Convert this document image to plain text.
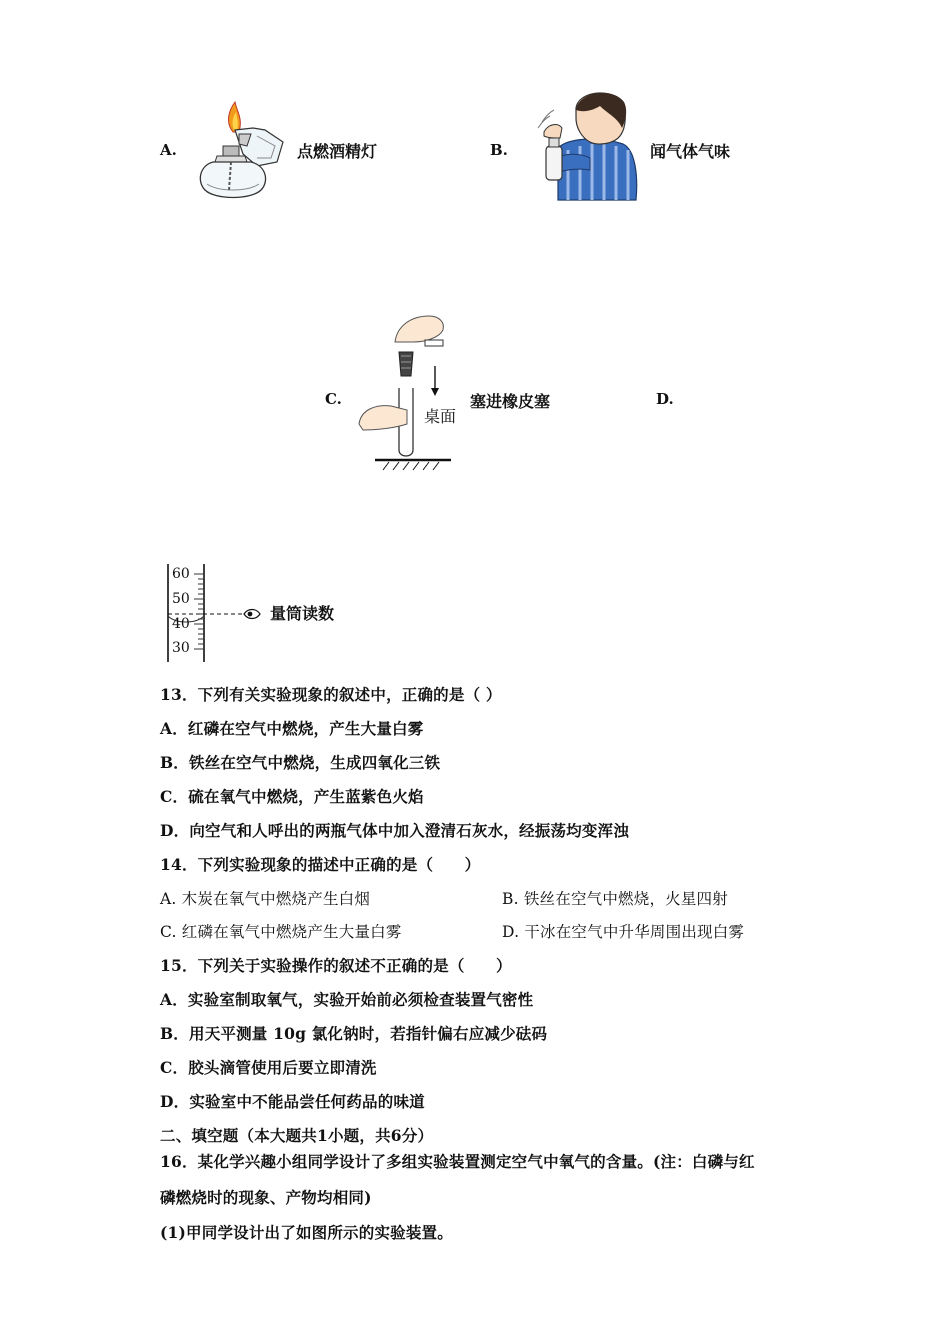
A.	点燃酒精灯	B.	闻气体气味
C.
桌面
塞进橡皮塞	D.
60
50
40
30
量筒读数
13．下列有关实验现象的叙述中，正确的是（ ）
A．红磷在空气中燃烧，产生大量白雾
B．铁丝在空气中燃烧，生成四氧化三铁
C．硫在氧气中燃烧，产生蓝紫色火焰
D．向空气和人呼出的两瓶气体中加入澄清石灰水，经振荡均变浑浊
14．下列实验现象的描述中正确的是（　　）
A. 木炭在氧气中燃烧产生白烟	B. 铁丝在空气中燃烧，火星四射
C. 红磷在氧气中燃烧产生大量白雾	D. 干冰在空气中升华周围出现白雾
15．下列关于实验操作的叙述不正确的是（　　）
A．实验室制取氧气，实验开始前必须检查装置气密性
B．用天平测量 10g 氯化钠时，若指针偏右应减少砝码
C．胶头滴管使用后要立即清洗
D．实验室中不能品尝任何药品的味道
二、填空题（本大题共1小题，共6分）
16．某化学兴趣小组同学设计了多组实验装置测定空气中氧气的含量。(注：白磷与红
磷燃烧时的现象、产物均相同)
(1)甲同学设计出了如图所示的实验装置。
